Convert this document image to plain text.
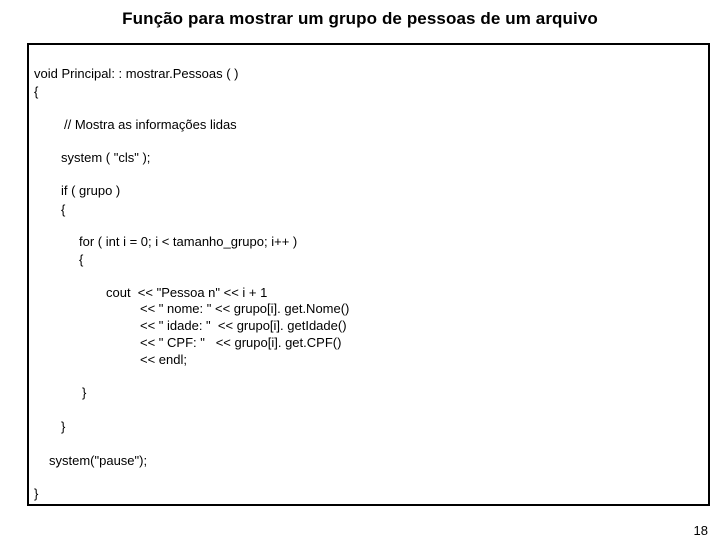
Função para mostrar um grupo de pessoas de um arquivo
void Principal: : mostrar.Pessoas ( )
{
// Mostra as informações lidas
system ( "cls" );
if ( grupo )
{
for ( int i = 0; i < tamanho_grupo; i++ )
{
cout  << "Pessoa n" << i + 1
<< " nome: " << grupo[i]. get.Nome()
<< " idade: "  << grupo[i]. getIdade()
<< " CPF: "   << grupo[i]. get.CPF()
<< endl;
}
}
system("pause");
}
18
